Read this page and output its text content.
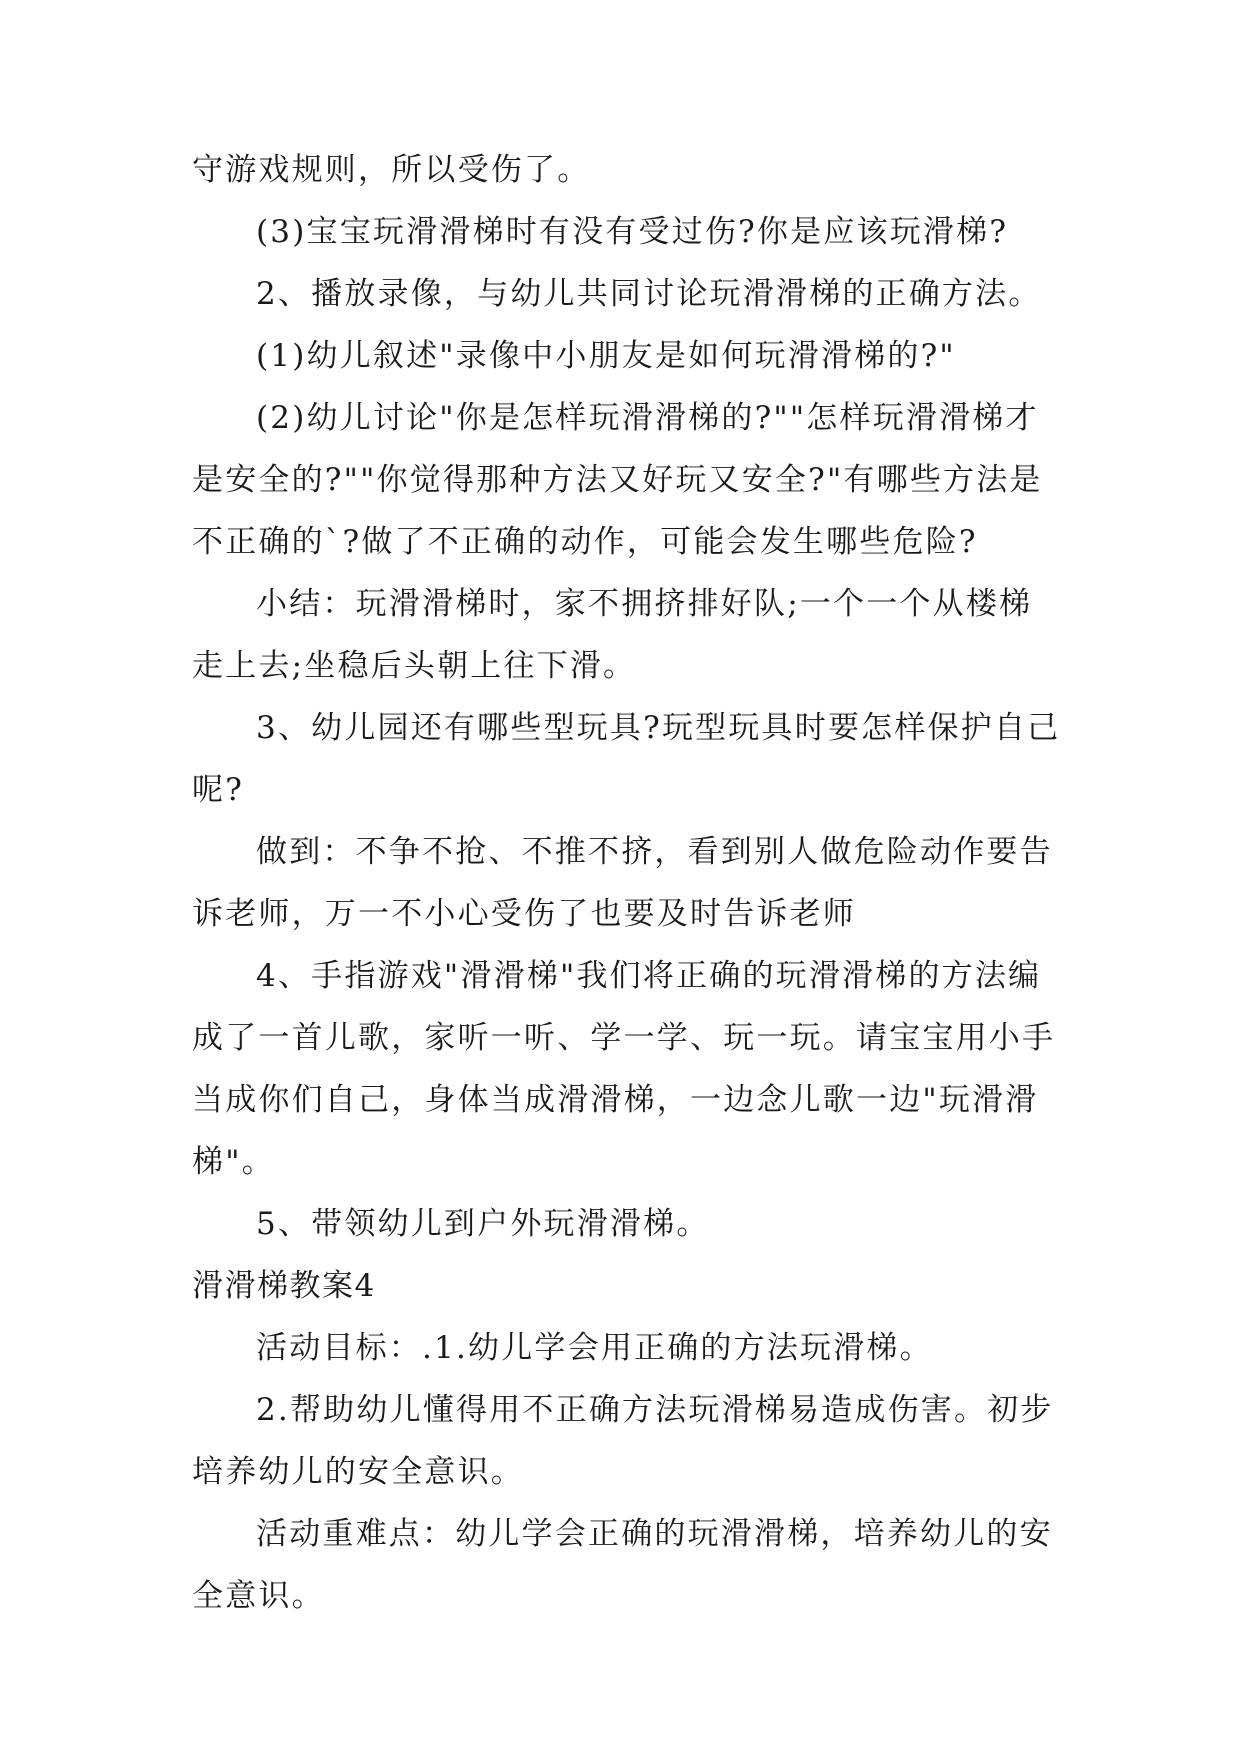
守游戏规则，所以受伤了。
(3)宝宝玩滑滑梯时有没有受过伤?你是应该玩滑梯?
2、播放录像，与幼儿共同讨论玩滑滑梯的正确方法。
(1)幼儿叙述"录像中小朋友是如何玩滑滑梯的?"
(2)幼儿讨论"你是怎样玩滑滑梯的?""怎样玩滑滑梯才
是安全的?""你觉得那种方法又好玩又安全?"有哪些方法是
不正确的`?做了不正确的动作，可能会发生哪些危险?
小结：玩滑滑梯时，家不拥挤排好队;一个一个从楼梯
走上去;坐稳后头朝上往下滑。
3、幼儿园还有哪些型玩具?玩型玩具时要怎样保护自己
呢?
做到：不争不抢、不推不挤，看到别人做危险动作要告
诉老师，万一不小心受伤了也要及时告诉老师
4、手指游戏"滑滑梯"我们将正确的玩滑滑梯的方法编
成了一首儿歌，家听一听、学一学、玩一玩。请宝宝用小手
当成你们自己，身体当成滑滑梯，一边念儿歌一边"玩滑滑
梯"。
5、带领幼儿到户外玩滑滑梯。
滑滑梯教案4
活动目标：.1.幼儿学会用正确的方法玩滑梯。
2.帮助幼儿懂得用不正确方法玩滑梯易造成伤害。初步
培养幼儿的安全意识。
活动重难点：幼儿学会正确的玩滑滑梯，培养幼儿的安
全意识。
